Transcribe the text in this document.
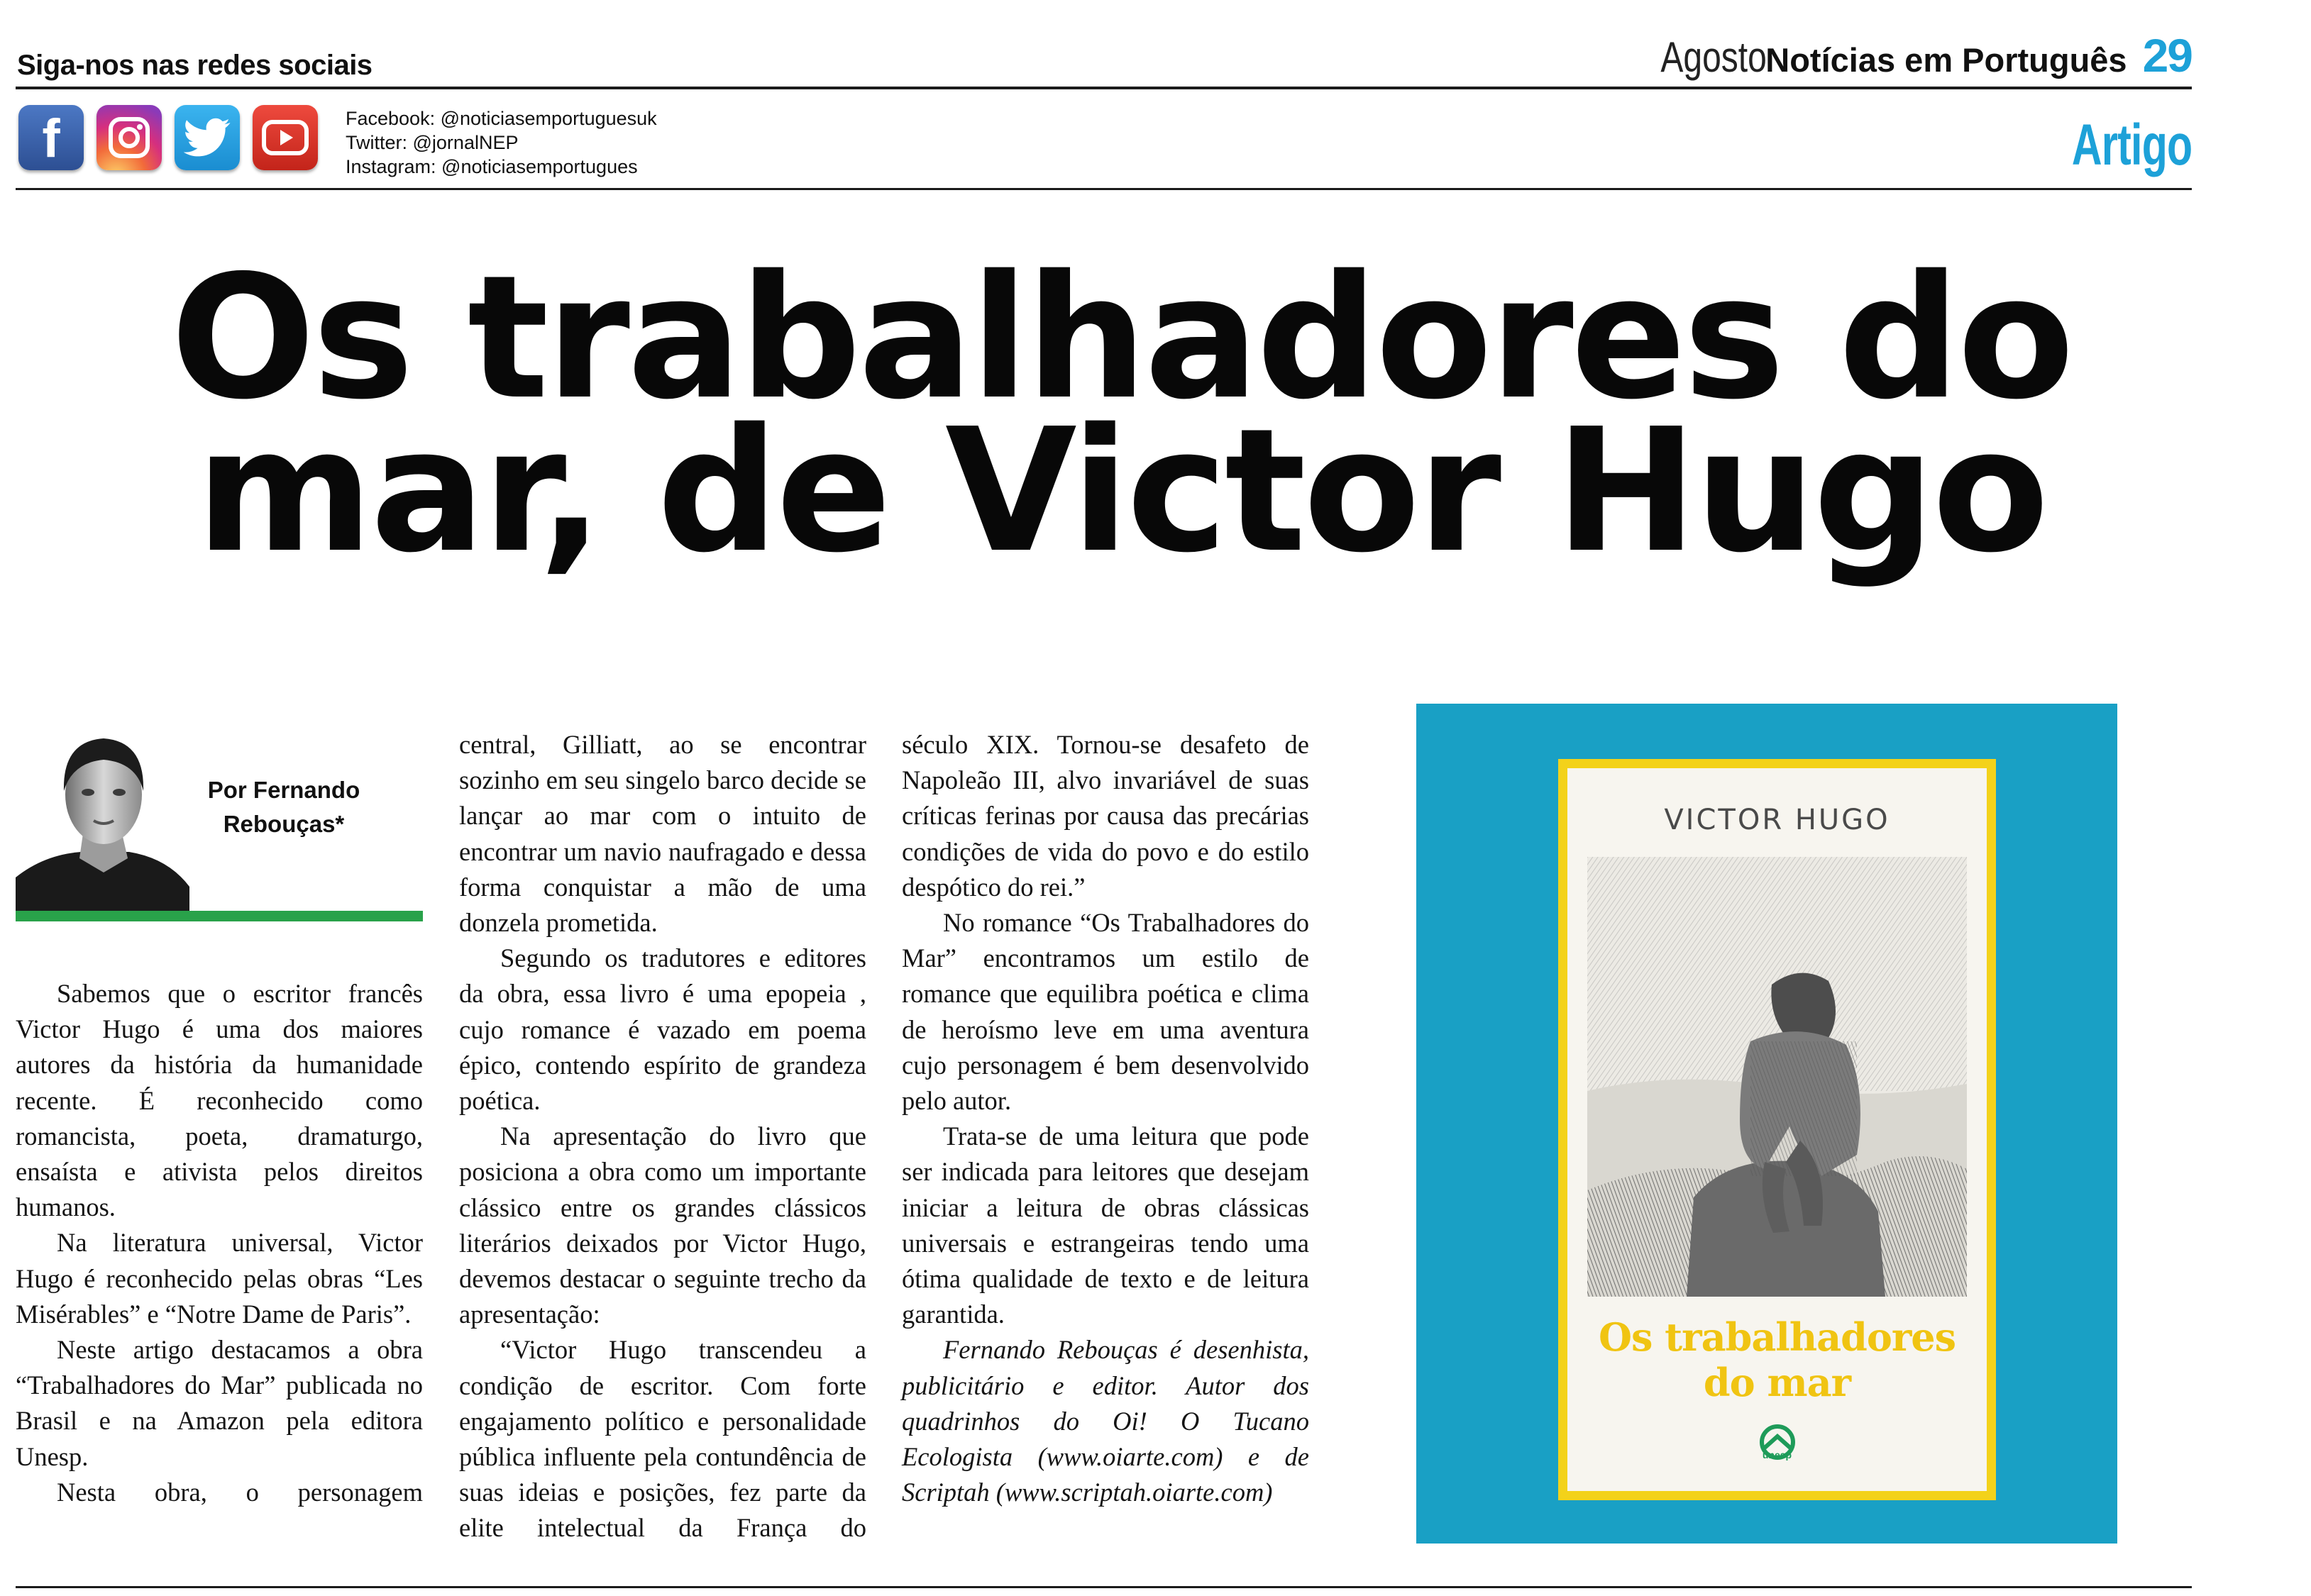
Siga-nos nas redes sociais	Agosto
Notícias em Português 29
f	Facebook: @noticiasemportuguesuk
Twitter: @jornalNEP
Instagram: @noticiasemportugues	Artigo
Os trabalhadores do
mar, de Victor Hugo
Por Fernando
Rebouças*

Sabemos que o escritor francês Victor Hugo é uma dos maiores autores da história da humanidade recente. É reconhecido como romancista, poeta, dramaturgo, ensaísta e ativista pelos direitos humanos.

Na literatura universal, Victor Hugo é reconhecido pelas obras “Les Misérables” e “Notre Dame de Paris”.

Neste artigo destacamos a obra “Trabalhadores do Mar” publicada no Brasil e na Amazon pela editora Unesp.

Nesta obra, o personagem

central, Gilliatt, ao se encontrar sozinho em seu singelo barco decide se lançar ao mar com o intuito de encontrar um navio naufragado e dessa forma conquistar a mão de uma donzela prometida.

Segundo os tradutores e editores da obra, essa livro é uma epopeia , cujo romance é vazado em poema épico, contendo espírito de grandeza poética.

Na apresentação do livro que posiciona a obra como um importante clássico entre os grandes clássicos literários deixados por Victor Hugo, devemos destacar o seguinte trecho da apresentação:

“Victor Hugo transcendeu a condição de escritor. Com forte engajamento político e personalidade pública influente pela contundência de suas ideias e posições, fez parte da elite intelectual da França do

século XIX. Tornou-se desafeto de Napoleão III, alvo invariável de suas críticas ferinas por causa das precárias condições de vida do povo e do estilo despótico do rei.”

No romance “Os Trabalhadores do Mar” encontramos um estilo de romance que equilibra poética e clima de heroísmo leve em uma aventura cujo personagem é bem desenvolvido pelo autor.

Trata-se de uma leitura que pode ser indicada para leitores que desejam iniciar a leitura de obras clássicas universais e estrangeiras tendo uma ótima qualidade de texto e de leitura garantida.

Fernando Rebouças é desenhista, publicitário e editor. Autor dos quadrinhos do Oi! O Tucano Ecologista (www.oiarte.com) e de Scriptah (www.scriptah.oiarte.com)

VICTOR HUGO
Os trabalhadores
do mar
unesp
